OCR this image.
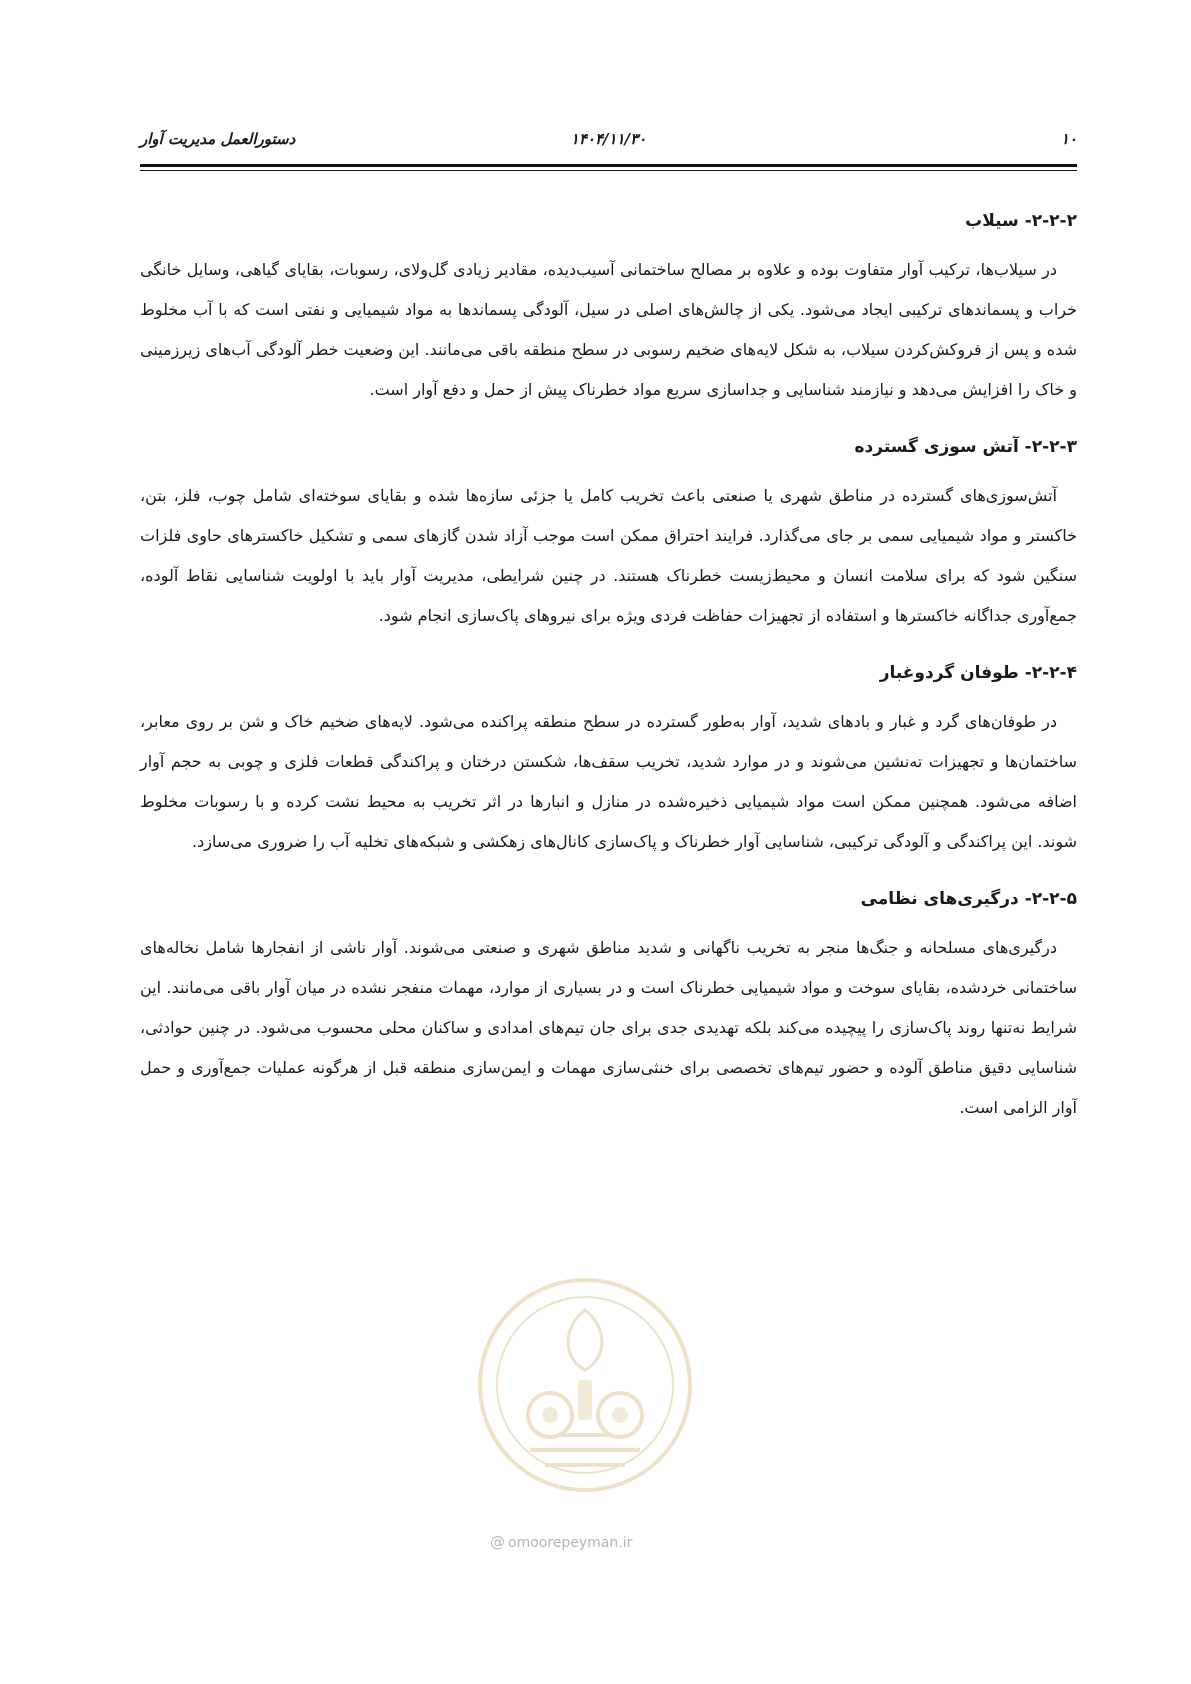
دستورالعمل مدیریت آوار	۱۴۰۴/۱۱/۳۰	۱۰
۲-۲-۲- سیلاب

در سیلاب‌ها، ترکیب آوار متفاوت بوده و علاوه بر مصالح ساختمانی آسیب‌دیده، مقادیر زیادی گل‌ولای، رسوبات، بقایای گیاهی، وسایل خانگی خراب و پسماندهای ترکیبی ایجاد می‌شود. یکی از چالش‌های اصلی در سیل، آلودگی پسماندها به مواد شیمیایی و نفتی است که با آب مخلوط شده و پس از فروکش‌کردن سیلاب، به شکل لایه‌های ضخیم رسوبی در سطح منطقه باقی می‌مانند. این وضعیت خطر آلودگی آب‌های زیرزمینی و خاک را افزایش می‌دهد و نیازمند شناسایی و جداسازی سریع مواد خطرناک پیش از حمل و دفع آوار است.

۲-۲-۳- آتش سوزی گسترده

آتش‌سوزی‌های گسترده در مناطق شهری یا صنعتی باعث تخریب کامل یا جزئی سازه‌ها شده و بقایای سوخته‌ای شامل چوب، فلز، بتن، خاکستر و مواد شیمیایی سمی بر جای می‌گذارد. فرایند احتراق ممکن است موجب آزاد شدن گازهای سمی و تشکیل خاکسترهای حاوی فلزات سنگین شود که برای سلامت انسان و محیط‌زیست خطرناک هستند. در چنین شرایطی، مدیریت آوار باید با اولویت شناسایی نقاط آلوده، جمع‌آوری جداگانه خاکسترها و استفاده از تجهیزات حفاظت فردی ویژه برای نیروهای پاک‌سازی انجام شود.

۲-۲-۴- طوفان گردوغبار

در طوفان‌های گرد و غبار و بادهای شدید، آوار به‌طور گسترده در سطح منطقه پراکنده می‌شود. لایه‌های ضخیم خاک و شن بر روی معابر، ساختمان‌ها و تجهیزات ته‌نشین می‌شوند و در موارد شدید، تخریب سقف‌ها، شکستن درختان و پراکندگی قطعات فلزی و چوبی به حجم آوار اضافه می‌شود. همچنین ممکن است مواد شیمیایی ذخیره‌شده در منازل و انبارها در اثر تخریب به محیط نشت کرده و با رسوبات مخلوط شوند. این پراکندگی و آلودگی ترکیبی، شناسایی آوار خطرناک و پاک‌سازی کانال‌های زهکشی و شبکه‌های تخلیه آب را ضروری می‌سازد.

۲-۲-۵- درگیری‌های نظامی

درگیری‌های مسلحانه و جنگ‌ها منجر به تخریب ناگهانی و شدید مناطق شهری و صنعتی می‌شوند. آوار ناشی از انفجارها شامل نخاله‌های ساختمانی خردشده، بقایای سوخت و مواد شیمیایی خطرناک است و در بسیاری از موارد، مهمات منفجر نشده در میان آوار باقی می‌مانند. این شرایط نه‌تنها روند پاک‌سازی را پیچیده می‌کند بلکه تهدیدی جدی برای جان تیم‌های امدادی و ساکنان محلی محسوب می‌شود. در چنین حوادثی، شناسایی دقیق مناطق آلوده و حضور تیم‌های تخصصی برای خنثی‌سازی مهمات و ایمن‌سازی منطقه قبل از هرگونه عملیات جمع‌آوری و حمل آوار الزامی است.

@ omoorepeyman.ir
